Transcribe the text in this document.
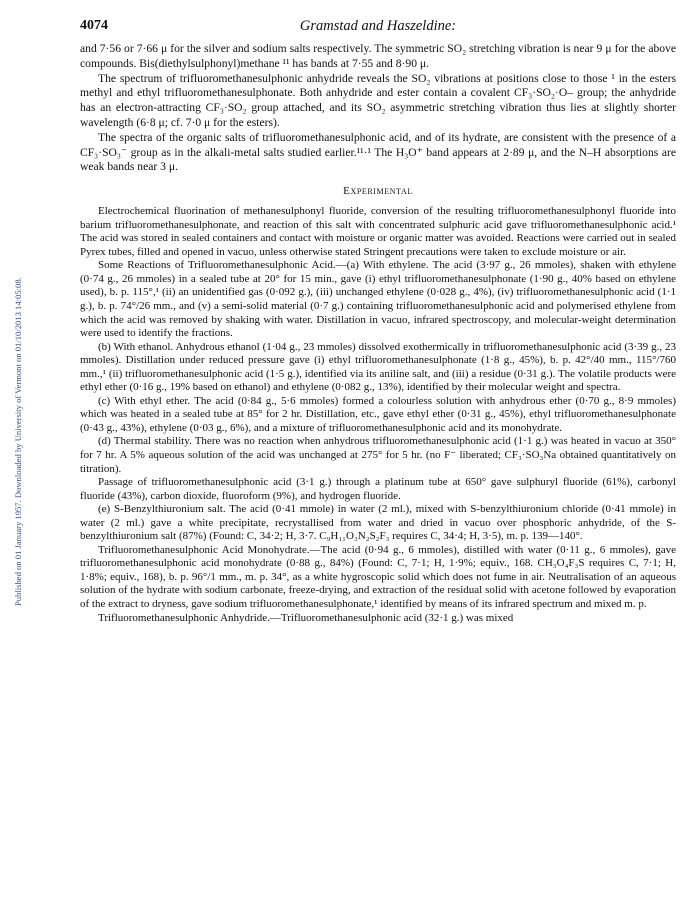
Published on 01 January 1957. Downloaded by University of Vermont on 01/10/2013 14:05:08.
4074	Gramstad and Haszeldine:

and 7·56 or 7·66 μ for the silver and sodium salts respectively. The symmetric SO₂ stretching vibration is near 9 μ for the above compounds. Bis(diethylsulphonyl)methane ¹¹ has bands at 7·55 and 8·90 μ.

The spectrum of trifluoromethanesulphonic anhydride reveals the SO₂ vibrations at positions close to those ¹ in the esters methyl and ethyl trifluoromethanesulphonate. Both anhydride and ester contain a covalent CF₃·SO₂·O– group; the anhydride has an electron-attracting CF₃·SO₂ group attached, and its SO₂ asymmetric stretching vibration thus lies at slightly shorter wavelength (6·8 μ; cf. 7·0 μ for the esters).

The spectra of the organic salts of trifluoromethanesulphonic acid, and of its hydrate, are consistent with the presence of a CF₃·SO₃⁻ group as in the alkali-metal salts studied earlier.¹¹·¹ The H₃O⁺ band appears at 2·89 μ, and the N–H absorptions are weak bands near 3 μ.

Experimental

Electrochemical fluorination of methanesulphonyl fluoride, conversion of the resulting trifluoromethanesulphonyl fluoride into barium trifluoromethanesulphonate, and reaction of this salt with concentrated sulphuric acid gave trifluoromethanesulphonic acid.¹ The acid was stored in sealed containers and contact with moisture or organic matter was avoided. Reactions were carried out in sealed Pyrex tubes, filled and opened in vacuo, unless otherwise stated Stringent precautions were taken to exclude moisture or air.

Some Reactions of Trifluoromethanesulphonic Acid.—(a) With ethylene. The acid (3·97 g., 26 mmoles), shaken with ethylene (0·74 g., 26 mmoles) in a sealed tube at 20° for 15 min., gave (i) ethyl trifluoromethanesulphonate (1·90 g., 40% based on ethylene used), b. p. 115°,¹ (ii) an unidentified gas (0·092 g.), (iii) unchanged ethylene (0·028 g., 4%), (iv) trifluoromethanesulphonic acid (1·1 g.), b. p. 74°/26 mm., and (v) a semi-solid material (0·7 g.) containing trifluoromethanesulphonic acid and polymerised ethylene from which the acid was removed by shaking with water. Distillation in vacuo, infrared spectroscopy, and molecular-weight determination were used to identify the fractions.

(b) With ethanol. Anhydrous ethanol (1·04 g., 23 mmoles) dissolved exothermically in trifluoromethanesulphonic acid (3·39 g., 23 mmoles). Distillation under reduced pressure gave (i) ethyl trifluoromethanesulphonate (1·8 g., 45%), b. p. 42°/40 mm., 115°/760 mm.,¹ (ii) trifluoromethanesulphonic acid (1·5 g.), identified via its aniline salt, and (iii) a residue (0·31 g.). The volatile products were ethyl ether (0·16 g., 19% based on ethanol) and ethylene (0·082 g., 13%), identified by their molecular weight and spectra.

(c) With ethyl ether. The acid (0·84 g., 5·6 mmoles) formed a colourless solution with anhydrous ether (0·70 g., 8·9 mmoles) which was heated in a sealed tube at 85° for 2 hr. Distillation, etc., gave ethyl ether (0·31 g., 45%), ethyl trifluoromethanesulphonate (0·43 g., 43%), ethylene (0·03 g., 6%), and a mixture of trifluoromethanesulphonic acid and its monohydrate.

(d) Thermal stability. There was no reaction when anhydrous trifluoromethanesulphonic acid (1·1 g.) was heated in vacuo at 350° for 7 hr. A 5% aqueous solution of the acid was unchanged at 275° for 5 hr. (no F⁻ liberated; CF₃·SO₃Na obtained quantitatively on titration).

Passage of trifluoromethanesulphonic acid (3·1 g.) through a platinum tube at 650° gave sulphuryl fluoride (61%), carbonyl fluoride (43%), carbon dioxide, fluoroform (9%), and hydrogen fluoride.

(e) S-Benzylthiuronium salt. The acid (0·41 mmole) in water (2 ml.), mixed with S-benzylthiuronium chloride (0·41 mmole) in water (2 ml.) gave a white precipitate, recrystallised from water and dried in vacuo over phosphoric anhydride, of the S-benzylthiuronium salt (87%) (Found: C, 34·2; H, 3·7. C₉H₁₁O₃N₂S₂F₃ requires C, 34·4; H, 3·5), m. p. 139—140°.

Trifluoromethanesulphonic Acid Monohydrate.—The acid (0·94 g., 6 mmoles), distilled with water (0·11 g., 6 mmoles), gave trifluoromethanesulphonic acid monohydrate (0·88 g., 84%) (Found: C, 7·1; H, 1·9%; equiv., 168. CH₃O₄F₃S requires C, 7·1; H, 1·8%; equiv., 168), b. p. 96°/1 mm., m. p. 34°, as a white hygroscopic solid which does not fume in air. Neutralisation of an aqueous solution of the hydrate with sodium carbonate, freeze-drying, and extraction of the residual solid with acetone followed by evaporation of the extract to dryness, gave sodium trifluoromethanesulphonate,¹ identified by means of its infrared spectrum and mixed m. p.

Trifluoromethanesulphonic Anhydride.—Trifluoromethanesulphonic acid (32·1 g.) was mixed
